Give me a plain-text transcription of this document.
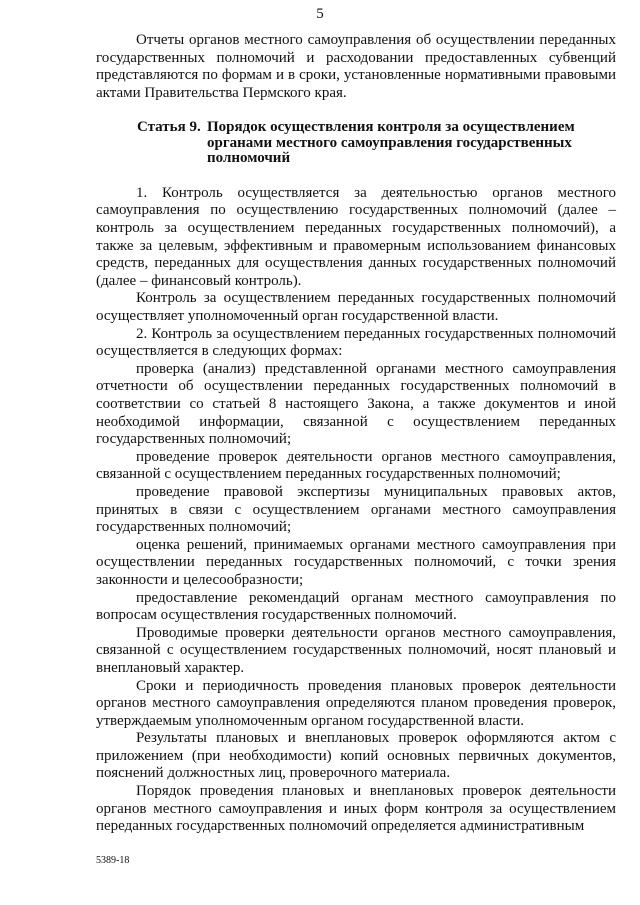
5

Отчеты органов местного самоуправления об осуществлении переданных государственных полномочий и расходовании предоставленных субвенций представляются по формам и в сроки, установленные нормативными правовыми актами Правительства Пермского края.

Статья 9. Порядок осуществления контроля за осуществлением органами местного самоуправления государственных полномочий

1. Контроль осуществляется за деятельностью органов местного самоуправления по осуществлению государственных полномочий (далее – контроль за осуществлением переданных государственных полномочий), а также за целевым, эффективным и правомерным использованием финансовых средств, переданных для осуществления данных государственных полномочий (далее – финансовый контроль).

Контроль за осуществлением переданных государственных полномочий осуществляет уполномоченный орган государственной власти.

2. Контроль за осуществлением переданных государственных полномочий осуществляется в следующих формах:

проверка (анализ) представленной органами местного самоуправления отчетности об осуществлении переданных государственных полномочий в соответствии со статьей 8 настоящего Закона, а также документов и иной необходимой информации, связанной с осуществлением переданных государственных полномочий;

проведение проверок деятельности органов местного самоуправления, связанной с осуществлением переданных государственных полномочий;

проведение правовой экспертизы муниципальных правовых актов, принятых в связи с осуществлением органами местного самоуправления государственных полномочий;

оценка решений, принимаемых органами местного самоуправления при осуществлении переданных государственных полномочий, с точки зрения законности и целесообразности;

предоставление рекомендаций органам местного самоуправления по вопросам осуществления государственных полномочий.

Проводимые проверки деятельности органов местного самоуправления, связанной с осуществлением государственных полномочий, носят плановый и внеплановый характер.

Сроки и периодичность проведения плановых проверок деятельности органов местного самоуправления определяются планом проведения проверок, утверждаемым уполномоченным органом государственной власти.

Результаты плановых и внеплановых проверок оформляются актом с приложением (при необходимости) копий основных первичных документов, пояснений должностных лиц, проверочного материала.

Порядок проведения плановых и внеплановых проверок деятельности органов местного самоуправления и иных форм контроля за осуществлением переданных государственных полномочий определяется административным

5389-18
